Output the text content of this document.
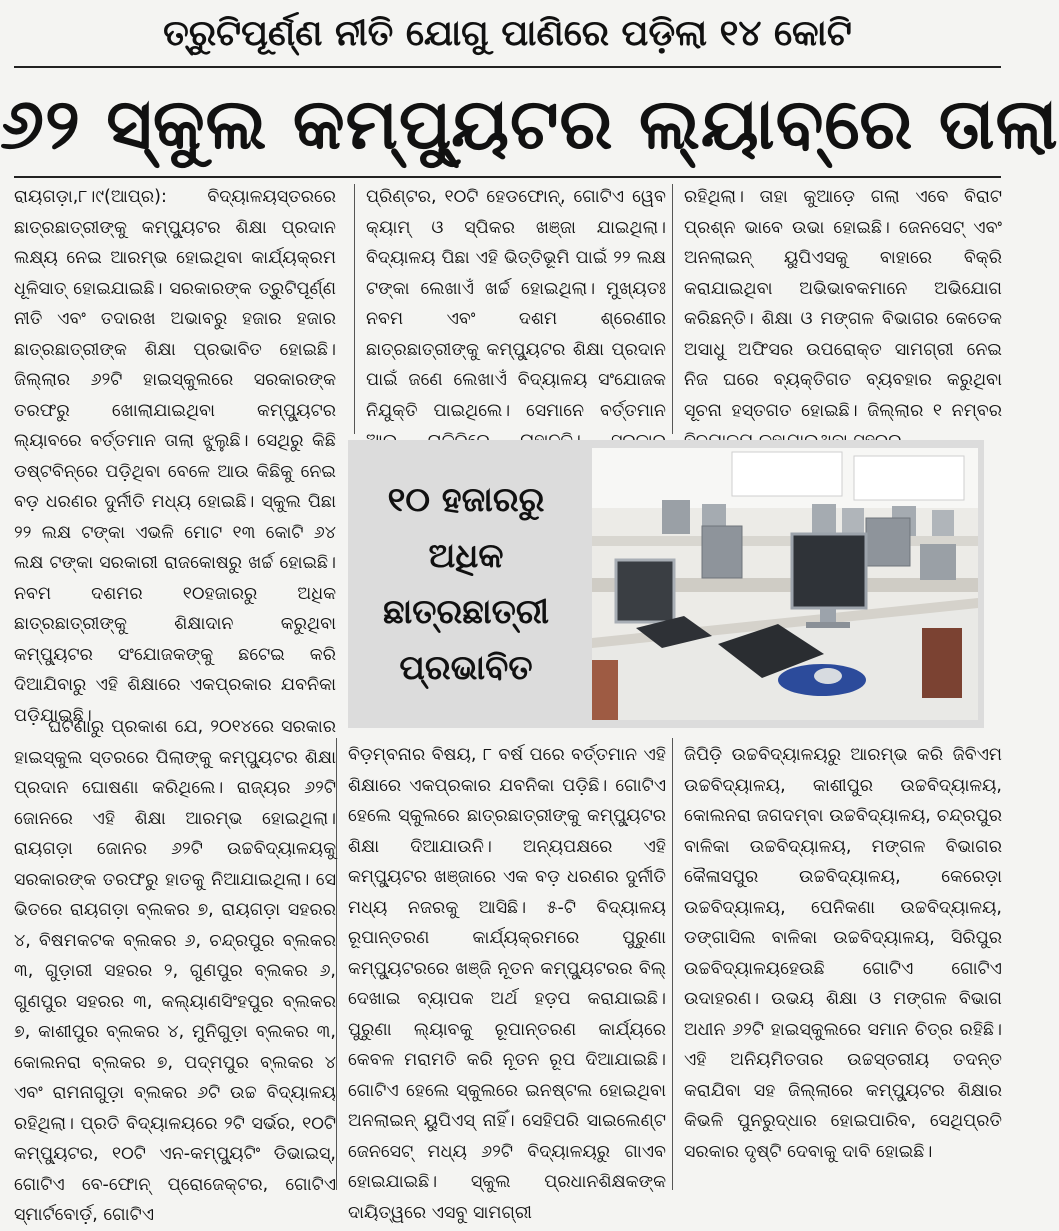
ତ୍ରୁଟିପୂର୍ଣ୍ଣ ନୀତି ଯୋଗୁ ପାଣିରେ ପଡ଼ିଲା ୧୪ କୋଟି
୬୨ ସ୍କୁଲ କମ୍ପ୍ୟୁଟର ଲ୍ୟାବ୍‌ରେ ତାଲା

ରାୟଗଡ଼ା,୮।୯(ଆପ୍ର): ବିଦ୍ୟାଳୟସ୍ତରରେ ଛାତ୍ରଛାତ୍ରୀଙ୍କୁ କମ୍ପ୍ୟୁଟର ଶିକ୍ଷା ପ୍ରଦାନ ଲକ୍ଷ୍ୟ ନେଇ ଆରମ୍ଭ ହୋଇଥିବା କାର୍ଯ୍ୟକ୍ରମ ଧୂଳିସାତ୍ ହୋଇଯାଇଛି। ସରକାରଙ୍କ ତ୍ରୁଟିପୂର୍ଣ୍ଣ ନୀତି ଏବଂ ତଦାରଖ ଅଭାବରୁ ହଜାର ହଜାର ଛାତ୍ରଛାତ୍ରୀଙ୍କ ଶିକ୍ଷା ପ୍ରଭାବିତ ହୋଇଛି। ଜିଲ୍ଲାର ୬୨ଟି ହାଇସ୍କୁଲରେ ସରକାରଙ୍କ ତରଫରୁ ଖୋଲାଯାଇଥିବା କମ୍ପ୍ୟୁଟର ଲ୍ୟାବରେ ବର୍ତ୍ତମାନ ତାଲା ଝୁଲୁଛି। ସେଥିରୁ କିଛି ଡଷ୍ଟବିନ୍‌ରେ ପଡ଼ିଥିବା ବେଳେ ଆଉ କିଛିକୁ ନେଇ ବଡ଼ ଧରଣର ଦୁର୍ନୀତି ମଧ୍ୟ ହୋଇଛି। ସ୍କୁଲ ପିଛା ୨୨ ଲକ୍ଷ ଟଙ୍କା ଏଭଳି ମୋଟ ୧୩ କୋଟି ୬୪ ଲକ୍ଷ ଟଙ୍କା ସରକାରୀ ରାଜକୋଷରୁ ଖର୍ଚ୍ଚ ହୋଇଛି। ନବମ ଦଶମର ୧୦ହଜାରରୁ ଅଧିକ ଛାତ୍ରଛାତ୍ରୀଙ୍କୁ ଶିକ୍ଷାଦାନ କରୁଥିବା କମ୍ପ୍ୟୁଟର ସଂଯୋଜକଙ୍କୁ ଛଟେଇ କରି ଦିଆଯିବାରୁ ଏହି ଶିକ୍ଷାରେ ଏକପ୍ରକାର ଯବନିକା ପଡ଼ିଯାଇଛି।

ଘଟଣାରୁ ପ୍ରକାଶ ଯେ, ୨୦୧୪ରେ ସରକାର ହାଇସ୍କୁଲ ସ୍ତରରେ ପିଲାଙ୍କୁ କମ୍ପ୍ୟୁଟର ଶିକ୍ଷା ପ୍ରଦାନ ଘୋଷଣା କରିଥିଲେ। ରାଜ୍ୟର ୬୨ଟି ଜୋନରେ ଏହି ଶିକ୍ଷା ଆରମ୍ଭ ହୋଇଥିଲା। ରାୟଗଡ଼ା ଜୋନର ୬୨ଟି ଉଚ୍ଚବିଦ୍ୟାଳୟକୁ ସରକାରଙ୍କ ତରଫରୁ ହାତକୁ ନିଆଯାଇଥିଲା। ସେ ଭିତରେ ରାୟଗଡ଼ା ବ୍ଲକର ୭, ରାୟଗଡ଼ା ସହରର ୪, ବିଷମକଟକ ବ୍ଲକର ୬, ଚନ୍ଦ୍ରପୁର ବ୍ଲକର ୩, ଗୁଡ଼ାରୀ ସହରର ୨, ଗୁଣପୁର ବ୍ଲକର ୬, ଗୁଣପୁର ସହରର ୩, କଲ୍ୟାଣସିଂହପୁର ବ୍ଲକର ୭, କାଶୀପୁର ବ୍ଲକର ୪, ମୁନିଗୁଡ଼ା ବ୍ଲକର ୩, କୋଲନରା ବ୍ଲକର ୭, ପଦ୍ମପୁର ବ୍ଲକର ୪ ଏବଂ ରାମନାଗୁଡ଼ା ବ୍ଲକର ୬ଟି ଉଚ୍ଚ ବିଦ୍ୟାଳୟ ରହିଥିଲା। ପ୍ରତି ବିଦ୍ୟାଳୟରେ ୨ଟି ସର୍ଭର, ୧୦ଟି କମ୍ପ୍ୟୁଟର, ୧୦ଟି ଏନ-କମ୍ପ୍ୟୁଟିଂ ଡିଭାଇସ୍, ଗୋଟିଏ ବେ-ଫୋନ୍ ପ୍ରୋଜେକ୍ଟର, ଗୋଟିଏ ସ୍ମାର୍ଟବୋର୍ଡ଼, ଗୋଟିଏ

ପ୍ରିଣ୍ଟର, ୧୦ଟି ହେଡଫୋନ୍, ଗୋଟିଏ ୱେବ କ୍ୟାମ୍ ଓ ସ୍ପିକର ଖଞ୍ଜା ଯାଇଥିଲା। ବିଦ୍ୟାଳୟ ପିଛା ଏହି ଭିତ୍ତିଭୂମି ପାଇଁ ୨୨ ଲକ୍ଷ ଟଙ୍କା ଲେଖାଏଁ ଖର୍ଚ୍ଚ ହୋଇଥିଲା। ମୁଖ୍ୟତଃ ନବମ ଏବଂ ଦଶମ ଶ୍ରେଣୀର ଛାତ୍ରଛାତ୍ରୀଙ୍କୁ କମ୍ପ୍ୟୁଟର ଶିକ୍ଷା ପ୍ରଦାନ ପାଇଁ ଜଣେ ଲେଖାଏଁ ବିଦ୍ୟାଳୟ ସଂଯୋଜକ ନିଯୁକ୍ତି ପାଇଥିଲେ। ସେମାନେ ବର୍ତ୍ତମାନ

ରହିଥିଲା। ତାହା କୁଆଡ଼େ ଗଲା ଏବେ ବିରାଟ ପ୍ରଶ୍ନ ଭାବେ ଉଭା ହୋଇଛି। ଜେନସେଟ୍ ଏବଂ ଅନଲାଇନ୍ ୟୁପିଏସକୁ ବାହାରେ ବିକ୍ରି କରାଯାଇଥିବା ଅଭିଭାବକମାନେ ଅଭିଯୋଗ କରିଛନ୍ତି। ଶିକ୍ଷା ଓ ମଙ୍ଗଳ ବିଭାଗର କେତେକ ଅସାଧୁ ଅଫିସର ଉପରୋକ୍ତ ସାମଗ୍ରୀ ନେଇ ନିଜ ଘରେ ବ୍ୟକ୍ତିଗତ ବ୍ୟବହାର କରୁଥିବା ସୂଚନା ହସ୍ତଗତ ହୋଇଛି। ଜିଲ୍ଲାର ୧ ନମ୍ବର

୧୦ ହଜାରରୁ
ଅଧିକ
ଛାତ୍ରଛାତ୍ରୀ
ପ୍ରଭାବିତ

ବିଡ଼ମ୍ବନାର ବିଷୟ, ୮ ବର୍ଷ ପରେ ବର୍ତ୍ତମାନ ଏହି ଶିକ୍ଷାରେ ଏକପ୍ରକାର ଯବନିକା ପଡ଼ିଛି। ଗୋଟିଏ ହେଲେ ସ୍କୁଲରେ ଛାତ୍ରଛାତ୍ରୀଙ୍କୁ କମ୍ପ୍ୟୁଟର ଶିକ୍ଷା ଦିଆଯାଉନି। ଅନ୍ୟପକ୍ଷରେ ଏହି କମ୍ପ୍ୟୁଟର ଖଞ୍ଜାରେ ଏକ ବଡ଼ ଧରଣର ଦୁର୍ନୀତି ମଧ୍ୟ ନଜରକୁ ଆସିଛି। ୫-ଟି ବିଦ୍ୟାଳୟ ରୂପାନ୍ତରଣ କାର୍ଯ୍ୟକ୍ରମରେ ପୁରୁଣା କମ୍ପ୍ୟୁଟରରେ ଖଞ୍ଜି ନୂତନ କମ୍ପ୍ୟୁଟରର ବିଲ୍ ଦେଖାଇ ବ୍ୟାପକ ଅର୍ଥ ହଡ଼ପ କରାଯାଇଛି। ପୁରୁଣା ଲ୍ୟାବକୁ ରୂପାନ୍ତରଣ କାର୍ଯ୍ୟରେ କେବଳ ମରାମତି କରି ନୂତନ ରୂପ ଦିଆଯାଇଛି। ଗୋଟିଏ ହେଲେ ସ୍କୁଲରେ ଇନଷ୍ଟଲ ହୋଇଥିବା ଅନଲାଇନ୍ ୟୁପିଏସ୍ ନାହିଁ। ସେହିପରି ସାଇଲେଣ୍ଟ ଜେନସେଟ୍ ମଧ୍ୟ ୬୨ଟି ବିଦ୍ୟାଳୟରୁ ଗାଏବ ହୋଇଯାଇଛି। ସ୍କୁଲ ପ୍ରଧାନଶିକ୍ଷକଙ୍କ ଦାୟିତ୍ୱରେ ଏସବୁ ସାମଗ୍ରୀ

ଜିପିଡ଼ି ଉଚ୍ଚବିଦ୍ୟାଳୟରୁ ଆରମ୍ଭ କରି ଜିବିଏମ ଉଚ୍ଚବିଦ୍ୟାଳୟ, କାଶୀପୁର ଉଚ୍ଚବିଦ୍ୟାଳୟ, କୋଲନରା ଜଗଦମ୍ବା ଉଚ୍ଚବିଦ୍ୟାଳୟ, ଚନ୍ଦ୍ରପୁର ବାଳିକା ଉଚ୍ଚବିଦ୍ୟାଳୟ, ମଙ୍ଗଳ ବିଭାଗର କୈଳାସପୁର ଉଚ୍ଚବିଦ୍ୟାଳୟ, କେରେଡ଼ା ଉଚ୍ଚବିଦ୍ୟାଳୟ, ପେନିକଣା ଉଚ୍ଚବିଦ୍ୟାଳୟ, ଡଙ୍ଗାସିଲ ବାଳିକା ଉଚ୍ଚବିଦ୍ୟାଳୟ, ସିରିପୁର ଉଚ୍ଚବିଦ୍ୟାଳୟହେଉଛି ଗୋଟିଏ ଗୋଟିଏ ଉଦାହରଣ। ଉଭୟ ଶିକ୍ଷା ଓ ମଙ୍ଗଳ ବିଭାଗ ଅଧୀନ ୬୨ଟି ହାଇସ୍କୁଲରେ ସମାନ ଚିତ୍ର ରହିଛି। ଏହି ଅନିୟମିତତାର ଉଚ୍ଚସ୍ତରୀୟ ତଦନ୍ତ କରାଯିବା ସହ ଜିଲ୍ଲାରେ କମ୍ପ୍ୟୁଟର ଶିକ୍ଷାର କିଭଳି ପୁନରୁଦ୍ଧାର ହୋଇପାରିବ, ସେଥିପ୍ରତି ସରକାର ଦୃଷ୍ଟି ଦେବାକୁ ଦାବି ହୋଇଛି।
